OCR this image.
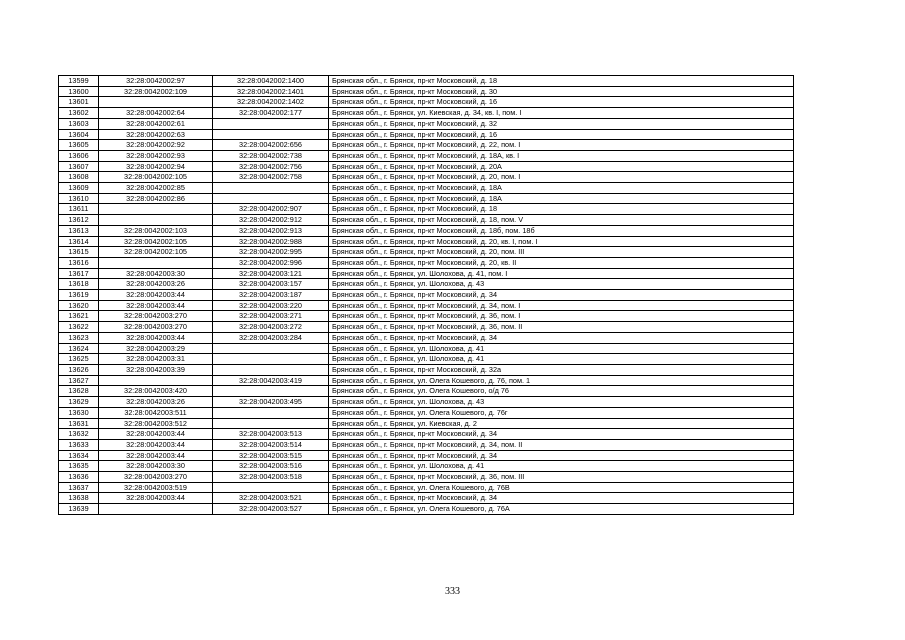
13599	32:28:0042002:97	32:28:0042002:1400	Брянская обл., г. Брянск, пр-кт Московский, д. 18
13600	32:28:0042002:109	32:28:0042002:1401	Брянская обл., г. Брянск, пр-кт Московский, д. 30
13601		32:28:0042002:1402	Брянская обл., г. Брянск, пр-кт Московский, д. 16
13602	32:28:0042002:64	32:28:0042002:177	Брянская обл., г. Брянск, ул. Киевская, д. 34, кв. I, пом. I
13603	32:28:0042002:61		Брянская обл., г. Брянск, пр-кт Московский, д. 32
13604	32:28:0042002:63		Брянская обл., г. Брянск, пр-кт Московский, д. 16
13605	32:28:0042002:92	32:28:0042002:656	Брянская обл., г. Брянск, пр-кт Московский, д. 22, пом. I
13606	32:28:0042002:93	32:28:0042002:738	Брянская обл., г. Брянск, пр-кт Московский, д. 18А, кв. I
13607	32:28:0042002:94	32:28:0042002:756	Брянская обл., г. Брянск, пр-кт Московский, д. 20А
13608	32:28:0042002:105	32:28:0042002:758	Брянская обл., г. Брянск, пр-кт Московский, д. 20, пом. I
13609	32:28:0042002:85		Брянская обл., г. Брянск, пр-кт Московский, д. 18А
13610	32:28:0042002:86		Брянская обл., г. Брянск, пр-кт Московский, д. 18А
13611		32:28:0042002:907	Брянская обл., г. Брянск, пр-кт Московский, д. 18
13612		32:28:0042002:912	Брянская обл., г. Брянск, пр-кт Московский, д. 18, пом. V
13613	32:28:0042002:103	32:28:0042002:913	Брянская обл., г. Брянск, пр-кт Московский, д. 18б, пом. 18б
13614	32:28:0042002:105	32:28:0042002:988	Брянская обл., г. Брянск, пр-кт Московский, д. 20, кв. I, пом. I
13615	32:28:0042002:105	32:28:0042002:995	Брянская обл., г. Брянск, пр-кт Московский, д. 20, пом. III
13616		32:28:0042002:996	Брянская обл., г. Брянск, пр-кт Московский, д. 20, кв. II
13617	32:28:0042003:30	32:28:0042003:121	Брянская обл., г. Брянск, ул. Шолохова, д. 41, пом. I
13618	32:28:0042003:26	32:28:0042003:157	Брянская обл., г. Брянск, ул. Шолохова, д. 43
13619	32:28:0042003:44	32:28:0042003:187	Брянская обл., г. Брянск, пр-кт Московский, д. 34
13620	32:28:0042003:44	32:28:0042003:220	Брянская обл., г. Брянск, пр-кт Московский, д. 34, пом. I
13621	32:28:0042003:270	32:28:0042003:271	Брянская обл., г. Брянск, пр-кт Московский, д. 36, пом. I
13622	32:28:0042003:270	32:28:0042003:272	Брянская обл., г. Брянск, пр-кт Московский, д. 36, пом. II
13623	32:28:0042003:44	32:28:0042003:284	Брянская обл., г. Брянск, пр-кт Московский, д. 34
13624	32:28:0042003:29		Брянская обл., г. Брянск, ул. Шолохова, д. 41
13625	32:28:0042003:31		Брянская обл., г. Брянск, ул. Шолохова, д. 41
13626	32:28:0042003:39		Брянская обл., г. Брянск, пр-кт Московский, д. 32а
13627		32:28:0042003:419	Брянская обл., г. Брянск, ул. Олега Кошевого, д. 76, пом. 1
13628	32:28:0042003:420		Брянская обл., г. Брянск, ул. Олега Кошевого, о/д 76
13629	32:28:0042003:26	32:28:0042003:495	Брянская обл., г. Брянск, ул. Шолохова, д. 43
13630	32:28:0042003:511		Брянская обл., г. Брянск, ул. Олега Кошевого, д. 76г
13631	32:28:0042003:512		Брянская обл., г. Брянск, ул. Киевская, д. 2
13632	32:28:0042003:44	32:28:0042003:513	Брянская обл., г. Брянск, пр-кт Московский, д. 34
13633	32:28:0042003:44	32:28:0042003:514	Брянская обл., г. Брянск, пр-кт Московский, д. 34, пом. II
13634	32:28:0042003:44	32:28:0042003:515	Брянская обл., г. Брянск, пр-кт Московский, д. 34
13635	32:28:0042003:30	32:28:0042003:516	Брянская обл., г. Брянск, ул. Шолохова, д. 41
13636	32:28:0042003:270	32:28:0042003:518	Брянская обл., г. Брянск, пр-кт Московский, д. 36, пом. III
13637	32:28:0042003:519		Брянская обл., г. Брянск, ул. Олега Кошевого, д. 76В
13638	32:28:0042003:44	32:28:0042003:521	Брянская обл., г. Брянск, пр-кт Московский, д. 34
13639		32:28:0042003:527	Брянская обл., г. Брянск, ул. Олега Кошевого, д. 76А
333
